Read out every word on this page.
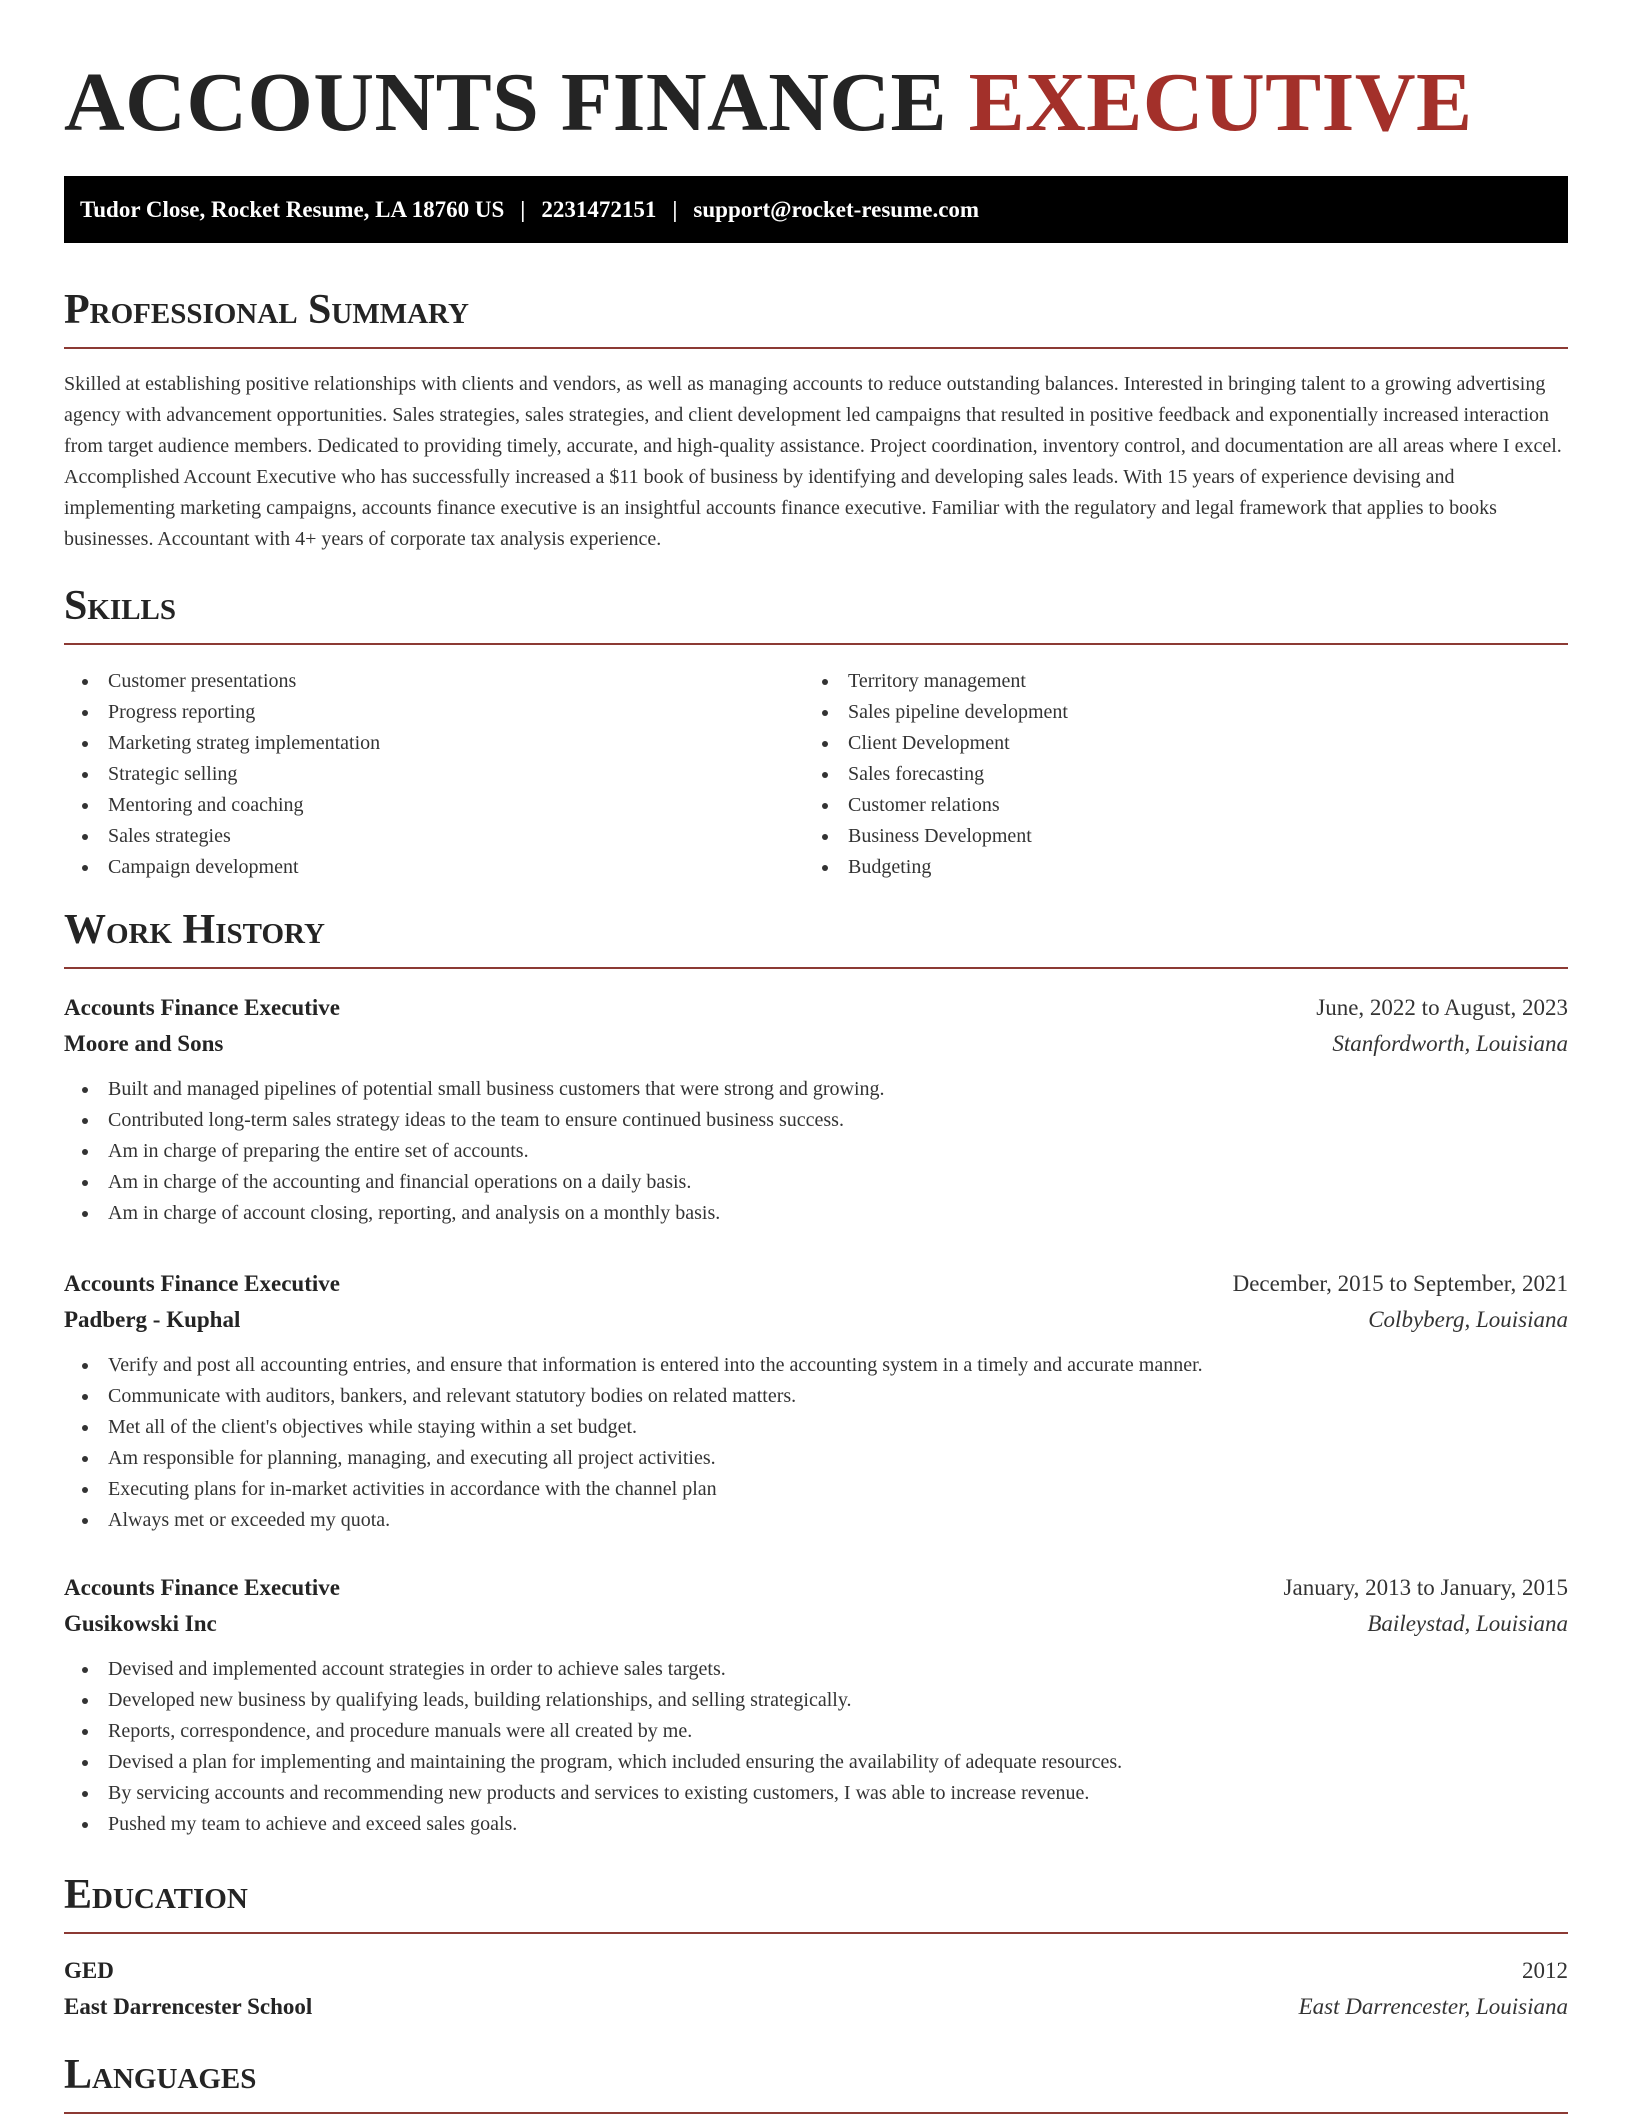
ACCOUNTS FINANCE EXECUTIVE
Tudor Close, Rocket Resume, LA 18760 US | 2231472151 | support@rocket-resume.com
Professional Summary

Skilled at establishing positive relationships with clients and vendors, as well as managing accounts to reduce outstanding balances. Interested in bringing talent to a growing advertising agency with advancement opportunities. Sales strategies, sales strategies, and client development led campaigns that resulted in positive feedback and exponentially increased interaction from target audience members. Dedicated to providing timely, accurate, and high-quality assistance. Project coordination, inventory control, and documentation are all areas where I excel. Accomplished Account Executive who has successfully increased a $11 book of business by identifying and developing sales leads. With 15 years of experience devising and implementing marketing campaigns, accounts finance executive is an insightful accounts finance executive. Familiar with the regulatory and legal framework that applies to books businesses. Accountant with 4+ years of corporate tax analysis experience.

Skills
Customer presentations
Progress reporting
Marketing strateg implementation
Strategic selling
Mentoring and coaching
Sales strategies
Campaign development
Territory management
Sales pipeline development
Client Development
Sales forecasting
Customer relations
Business Development
Budgeting
Work History
Accounts Finance Executive	June, 2022 to August, 2023
Moore and Sons	Stanfordworth, Louisiana
Built and managed pipelines of potential small business customers that were strong and growing.
Contributed long-term sales strategy ideas to the team to ensure continued business success.
Am in charge of preparing the entire set of accounts.
Am in charge of the accounting and financial operations on a daily basis.
Am in charge of account closing, reporting, and analysis on a monthly basis.
Accounts Finance Executive	December, 2015 to September, 2021
Padberg - Kuphal	Colbyberg, Louisiana
Verify and post all accounting entries, and ensure that information is entered into the accounting system in a timely and accurate manner.
Communicate with auditors, bankers, and relevant statutory bodies on related matters.
Met all of the client's objectives while staying within a set budget.
Am responsible for planning, managing, and executing all project activities.
Executing plans for in-market activities in accordance with the channel plan
Always met or exceeded my quota.
Accounts Finance Executive	January, 2013 to January, 2015
Gusikowski Inc	Baileystad, Louisiana
Devised and implemented account strategies in order to achieve sales targets.
Developed new business by qualifying leads, building relationships, and selling strategically.
Reports, correspondence, and procedure manuals were all created by me.
Devised a plan for implementing and maintaining the program, which included ensuring the availability of adequate resources.
By servicing accounts and recommending new products and services to existing customers, I was able to increase revenue.
Pushed my team to achieve and exceed sales goals.
Education
GED	2012
East Darrencester School	East Darrencester, Louisiana
Languages
